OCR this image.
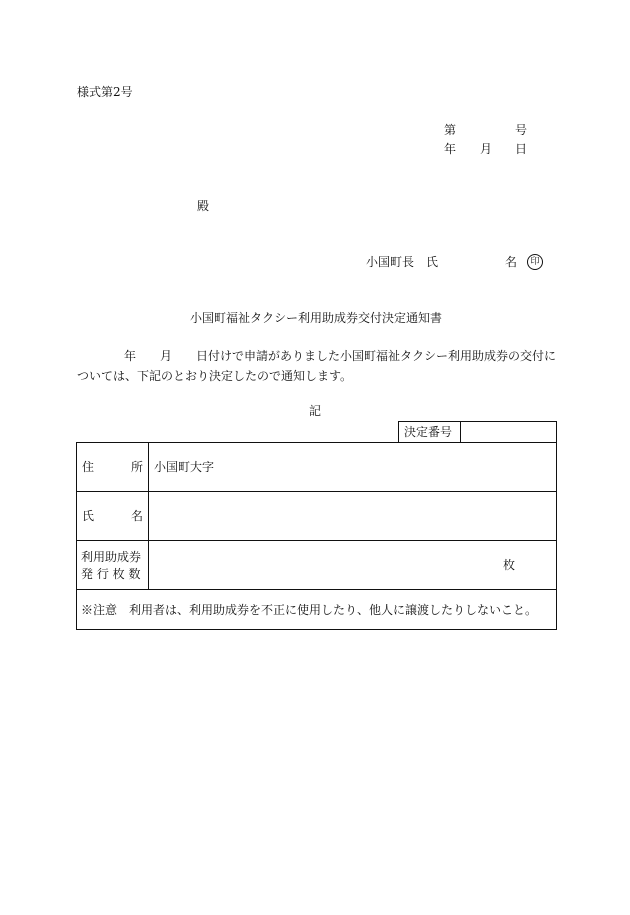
様式第2号
第	号
年 月 日
殿
小国町長　氏	名	印
小国町福祉タクシー利用助成券交付決定通知書
年 月 日付けで申請がありました小国町福祉タクシー利用助成券の交付に
ついては、下記のとおり決定したので通知します。
記
決定番号
住	所 小国町大字
氏	名
利用助成券
発 行 枚 数
枚
※注意　利用者は、利用助成券を不正に使用したり、他人に譲渡したりしないこと。
